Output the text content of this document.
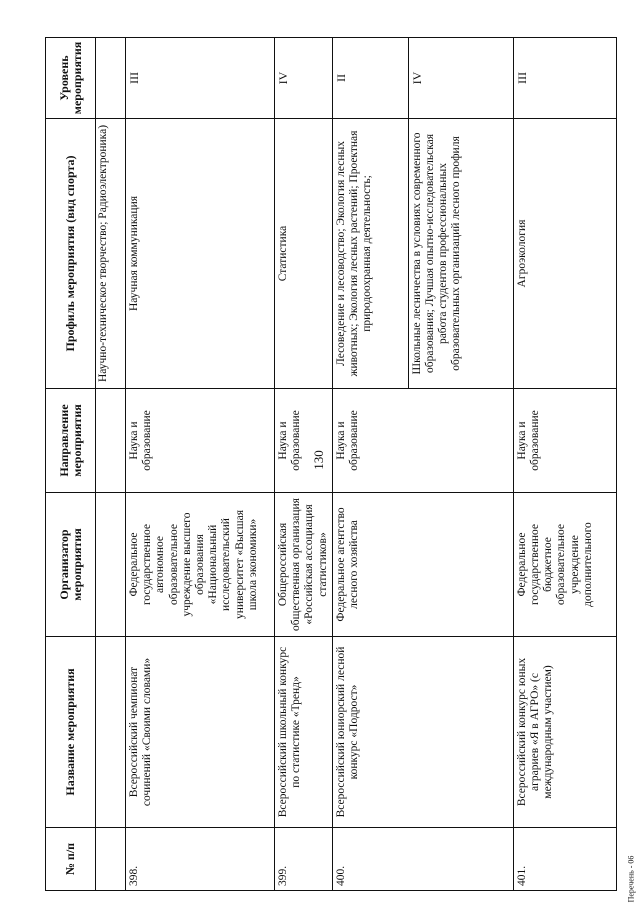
130
Перечень - 06
№ п/п	Название мероприятия	Организатор мероприятия	Направление мероприятия	Профиль мероприятия (вид спорта)	Уровень мероприятия
				Научно-техническое творчество; Радиоэлектроника)	
398.	Всероссийский чемпионат сочинений «Своими словами»	Федеральное государственное автономное образовательное учреждение высшего образования «Национальный исследовательский университет «Высшая школа экономики»	Наука и образование	Научная коммуникация	III
399.	Всероссийский школьный конкурс по статистике «Тренд»	Общероссийская общественная организация «Российская ассоциация статистиков»	Наука и образование	Статистика	IV
400.	Всероссийский юниорский лесной конкурс «Подрост»	Федеральное агентство лесного хозяйства	Наука и образование	Лесоведение и лесоводство; Экология лесных животных; Экология лесных растений; Проектная природоохранная деятельность;	II
				Школьные лесничества в условиях современного образования; Лучшая опытно-исследовательская работа студентов профессиональных образовательных организаций лесного профиля	IV
401.	Всероссийский конкурс юных аграриев «Я в АГРО» (с международным участием)	Федеральное государственное бюджетное образовательное учреждение дополнительного	Наука и образование	Агроэкология	III
